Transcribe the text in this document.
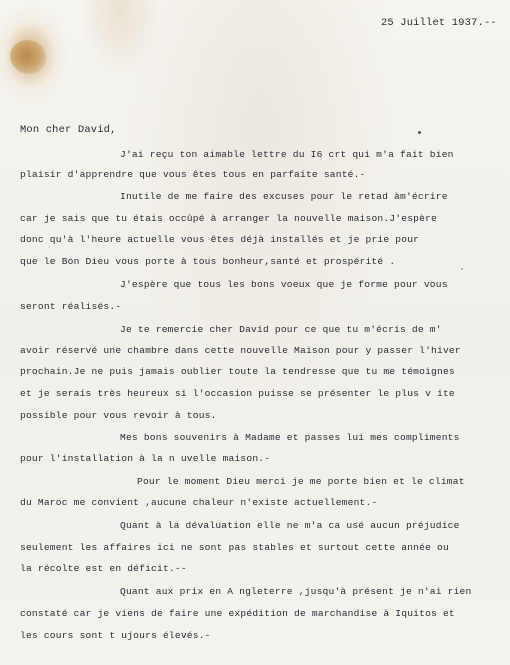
25 Juillet 1937.--
Mon cher David,
J'ai reçu ton aimable lettre du I6 crt qui m'a fait bien
plaisir d'apprendre que vous êtes tous en parfaite santé.-
Inutile de me faire des excuses pour le retad àm'écrire
car je sais que tu étais occûpé à arranger la nouvelle maison.J'espère
donc qu'à l'heure actuelle vous êtes déjà installés et je prie pour
que le Bon Dieu vous porte à tous bonheur,santé et prospérité .
J'espère que tous les bons voeux que je forme pour vous
seront réalisés.-
Je te remercie cher David pour ce que tu m'écris de m'
avoir réservé une chambre dans cette nouvelle Maison pour y passer l'hiver
prochain.Je ne puis jamais oublier toute la tendresse que tu me témoignes
et je serais très heureux si l'occasion puisse se présenter le plus v ite
possible pour vous revoir à tous.
Mes bons souvenirs à Madame et passes lui mes compliments
pour l'installation à la n uvelle maison.-
Pour le moment Dieu merci je me porte bien et le climat
du Maroc me convient ,aucune chaleur n'existe actuellement.-
Quant à la dévaluation elle ne m'a ca usé aucun préjudice
seulement les affaires ici ne sont pas stables et surtout cette année ou
la récolte est en déficit.--
Quant aux prix en A ngleterre ,jusqu'à présent je n'ai rien
constaté car je viens de faire une expédition de marchandise à Iquitos et
les cours sont t ujours élevés.-
